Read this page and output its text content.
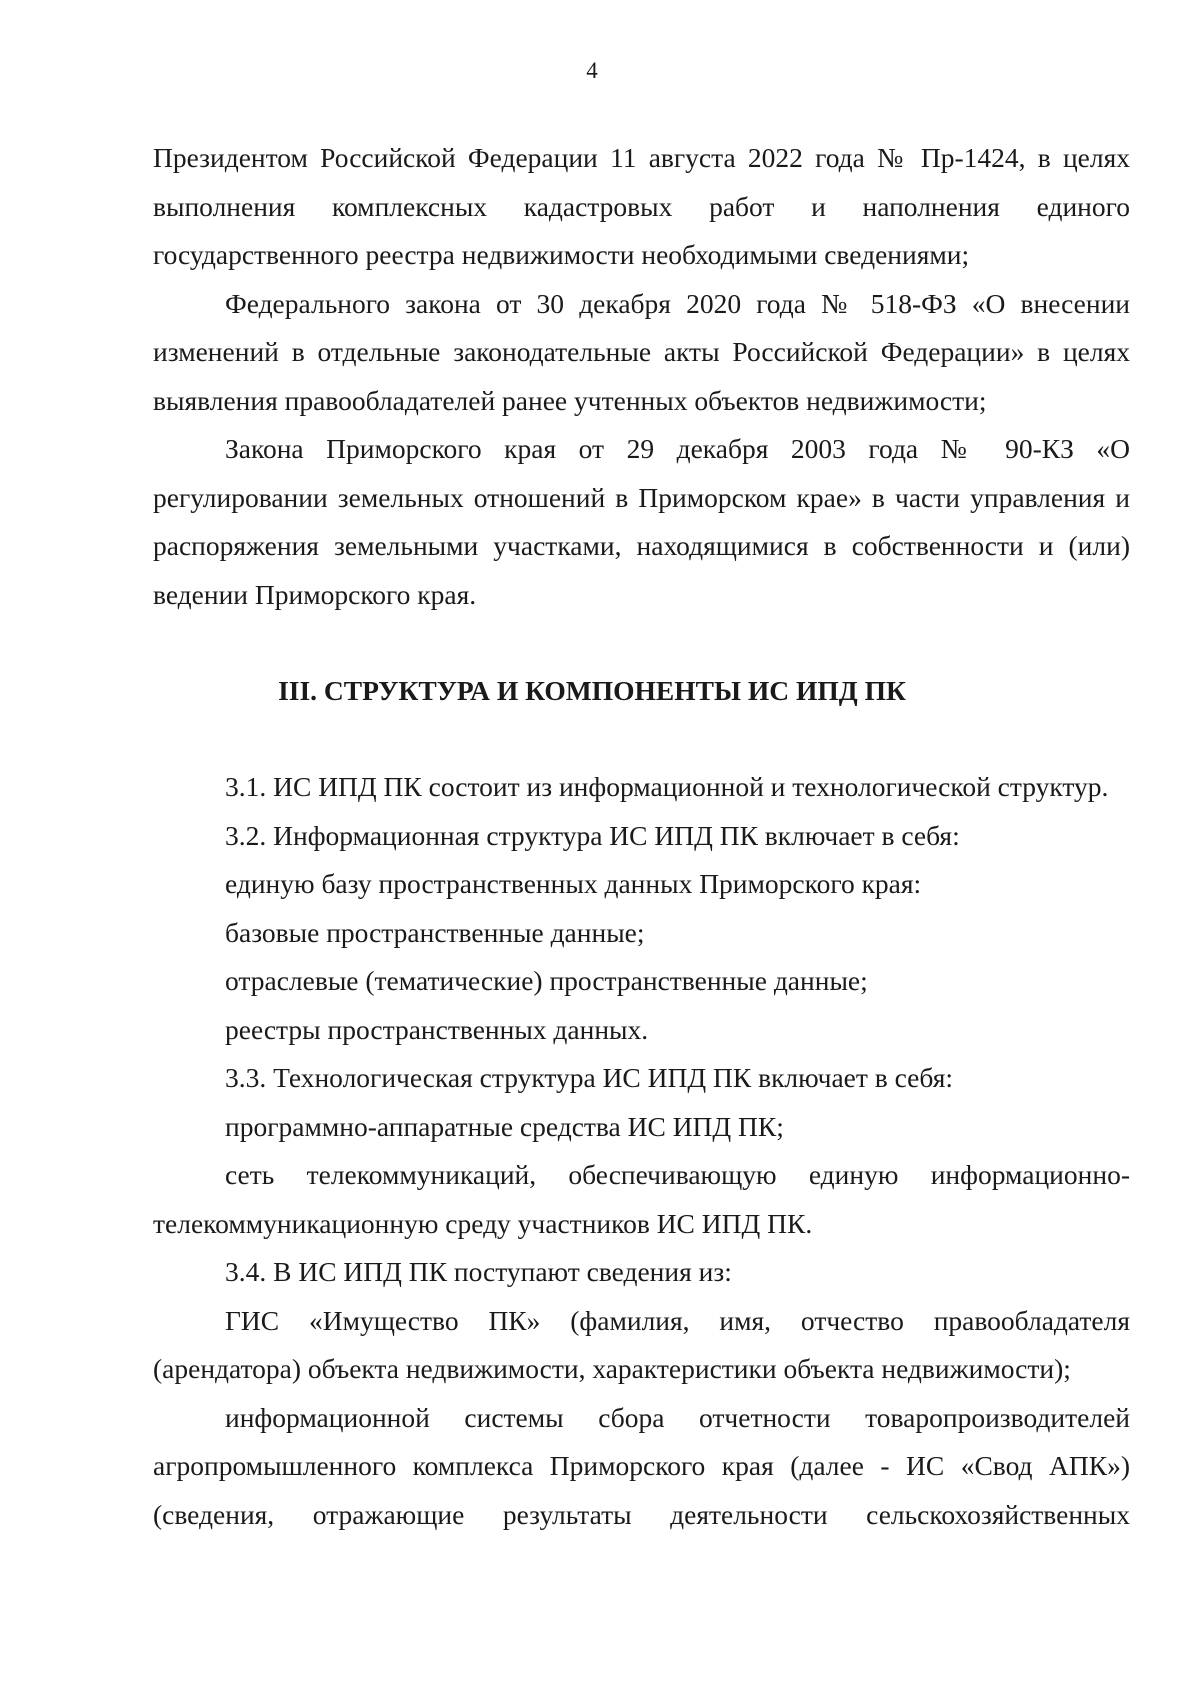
4

Президентом Российской Федерации 11 августа 2022 года № Пр-1424, в целях выполнения комплексных кадастровых работ и наполнения единого государственного реестра недвижимости необходимыми сведениями;

Федерального закона от 30 декабря 2020 года № 518-ФЗ «О внесении изменений в отдельные законодательные акты Российской Федерации» в целях выявления правообладателей ранее учтенных объектов недвижимости;

Закона Приморского края от 29 декабря 2003 года № 90-КЗ «О регулировании земельных отношений в Приморском крае» в части управления и распоряжения земельными участками, находящимися в собственности и (или) ведении Приморского края.

III. СТРУКТУРА И КОМПОНЕНТЫ ИС ИПД ПК

3.1. ИС ИПД ПК состоит из информационной и технологической структур.

3.2. Информационная структура ИС ИПД ПК включает в себя:

единую базу пространственных данных Приморского края:

базовые пространственные данные;

отраслевые (тематические) пространственные данные;

реестры пространственных данных.

3.3. Технологическая структура ИС ИПД ПК включает в себя:

программно-аппаратные средства ИС ИПД ПК;

сеть телекоммуникаций, обеспечивающую единую информационно-телекоммуникационную среду участников ИС ИПД ПК.

3.4. В ИС ИПД ПК поступают сведения из:

ГИС «Имущество ПК» (фамилия, имя, отчество правообладателя (арендатора) объекта недвижимости, характеристики объекта недвижимости);

информационной системы сбора отчетности товаропроизводителей агропромышленного комплекса Приморского края (далее - ИС «Свод АПК») (сведения, отражающие результаты деятельности сельскохозяйственных
